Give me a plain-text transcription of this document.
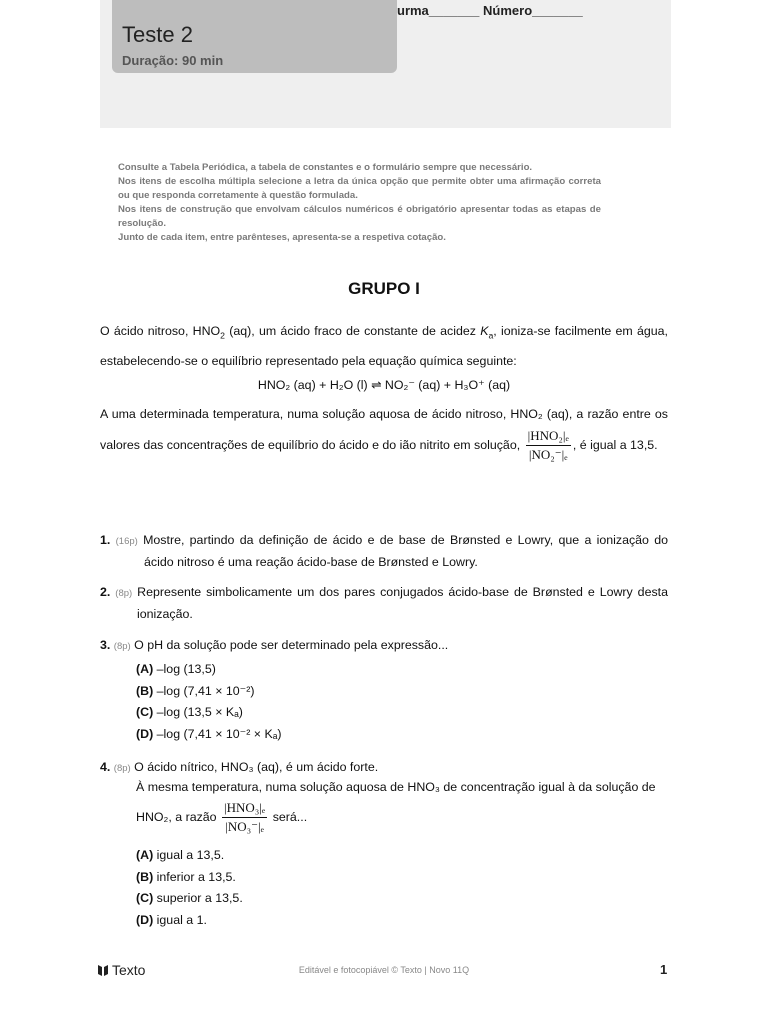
Teste 2
Duração: 90 min
urma_______ Número_______

Consulte a Tabela Periódica, a tabela de constantes e o formulário sempre que necessário.

Nos itens de escolha múltipla selecione a letra da única opção que permite obter uma afirmação correta ou que responda corretamente à questão formulada.

Nos itens de construção que envolvam cálculos numéricos é obrigatório apresentar todas as etapas de resolução.

Junto de cada item, entre parênteses, apresenta-se a respetiva cotação.

GRUPO I
O ácido nitroso, $HNO_2$ (aq), um ácido fraco de constante de acidez $K_a$, ioniza-se facilmente em água, estabelecendo-se o equilíbrio representado pela equação química seguinte:
HNO₂ (aq) + H₂O (l) ⇌ NO₂⁻ (aq) + H₃O⁺ (aq)
A uma determinada temperatura, numa solução aquosa de ácido nitroso, HNO₂ (aq), a razão entre os valores das concentrações de equilíbrio do ácido e do ião nitrito em solução, $\frac{\text{|HNO₂|ₑ}}{\text{|NO₂⁻|ₑ}}$ , é igual a 13,5.
1. (16p) Mostre, partindo da definição de ácido e de base de Brønsted e Lowry, que a ionização do ácido nitroso é uma reação ácido-base de Brønsted e Lowry.
2. (8p) Represente simbolicamente um dos pares conjugados ácido-base de Brønsted e Lowry desta ionização.
3. (8p) O pH da solução pode ser determinado pela expressão...
(A) –log (13,5)
(B) –log (7,41 × 10⁻²)
(C) –log (13,5 × Kₐ)
(D) –log (7,41 × 10⁻² × Kₐ)
4. (8p) O ácido nítrico, HNO₃ (aq), é um ácido forte.
À mesma temperatura, numa solução aquosa de HNO₃ de concentração igual à da solução de
HNO₂, a razão $\frac{\text{|HNO₃|ₑ}}{\text{|NO₃⁻|ₑ}}$ será...
(A) igual a 13,5.
(B) inferior a 13,5.
(C) superior a 13,5.
(D) igual a 1.
Texto	Editável e fotocopiável © Texto | Novo 11Q	1
